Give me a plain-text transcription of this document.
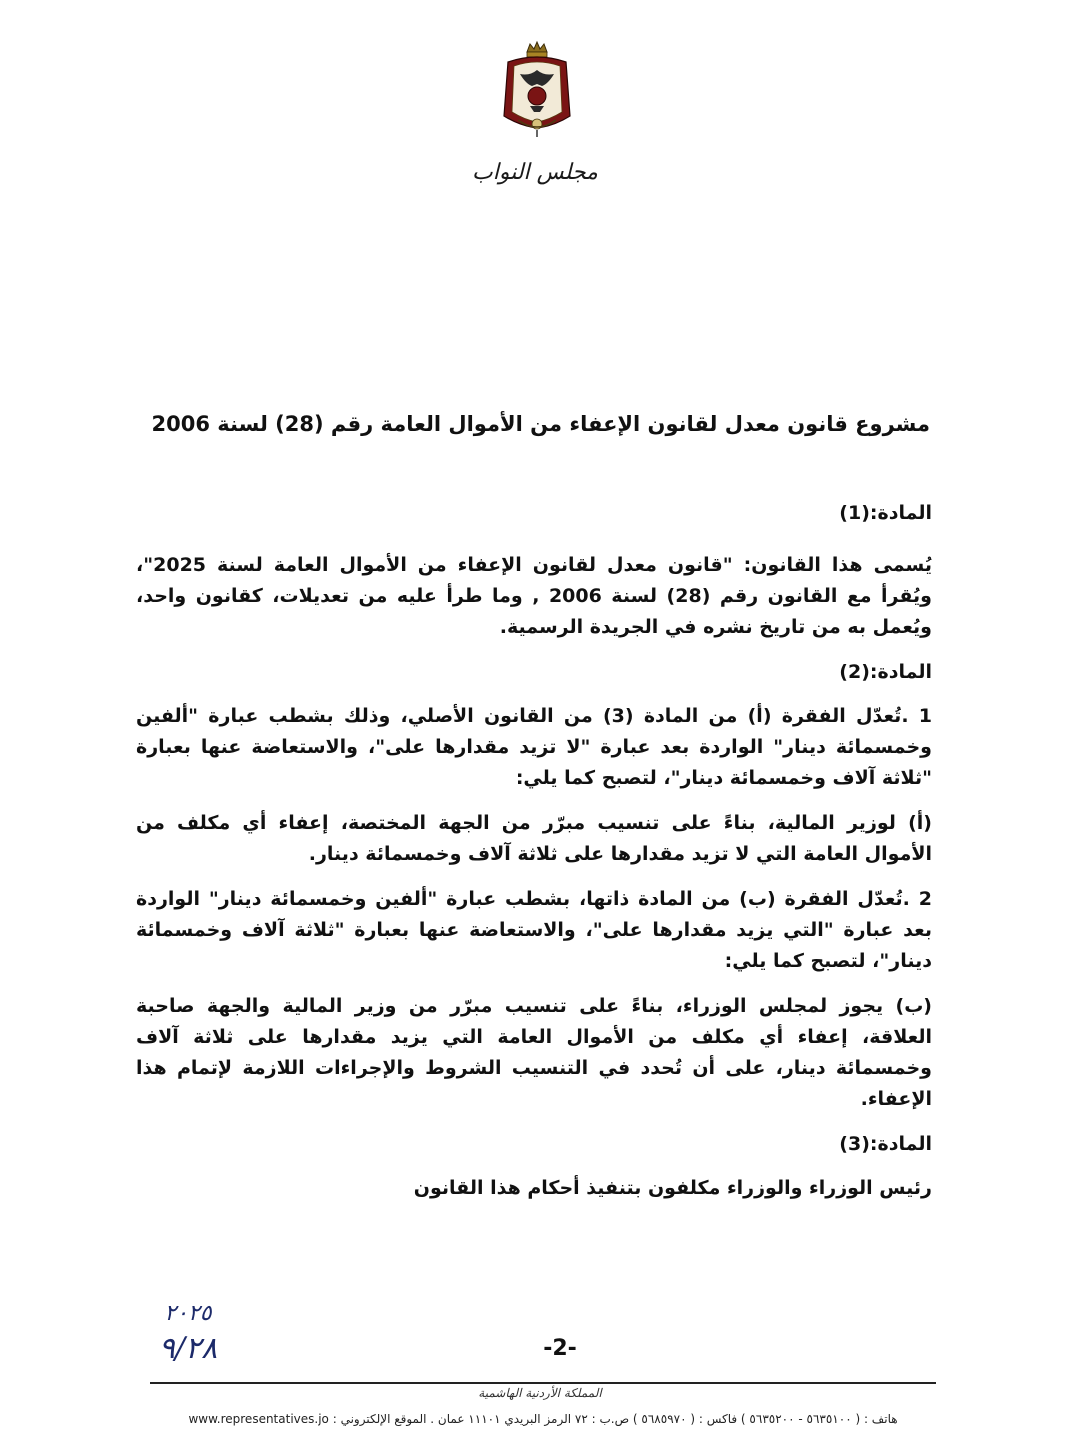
مجلس النواب
مشروع قانون معدل لقانون الإعفاء من الأموال العامة رقم (28) لسنة 2006
المادة:(1)
يُسمى هذا القانون: "قانون معدل لقانون الإعفاء من الأموال العامة لسنة 2025"، ويُقرأ مع القانون رقم (28) لسنة 2006 , وما طرأ عليه من تعديلات، كقانون واحد، ويُعمل به من تاريخ نشره في الجريدة الرسمية.
المادة:(2)
1 .تُعدّل الفقرة (أ) من المادة (3) من القانون الأصلي، وذلك بشطب عبارة "ألفين وخمسمائة دينار" الواردة بعد عبارة "لا تزيد مقدارها على"، والاستعاضة عنها بعبارة "ثلاثة آلاف وخمسمائة دينار"، لتصبح كما يلي:
(أ) لوزير المالية، بناءً على تنسيب مبرّر من الجهة المختصة، إعفاء أي مكلف من الأموال العامة التي لا تزيد مقدارها على ثلاثة آلاف وخمسمائة دينار.
2 .تُعدّل الفقرة (ب) من المادة ذاتها، بشطب عبارة "ألفين وخمسمائة دينار" الواردة بعد عبارة "التي يزيد مقدارها على"، والاستعاضة عنها بعبارة "ثلاثة آلاف وخمسمائة دينار"، لتصبح كما يلي:
(ب) يجوز لمجلس الوزراء، بناءً على تنسيب مبرّر من وزير المالية والجهة صاحبة العلاقة، إعفاء أي مكلف من الأموال العامة التي يزيد مقدارها على ثلاثة آلاف وخمسمائة دينار، على أن تُحدد في التنسيب الشروط والإجراءات اللازمة لإتمام هذا الإعفاء.
المادة:(3)
رئيس الوزراء والوزراء مكلفون بتنفيذ أحكام هذا القانون
٢٠٢٥
٩/٢٨	-2-
المملكة الأردنية الهاشمية
هاتف : ( ٥٦٣٥١٠٠ - ٥٦٣٥٢٠٠ ) فاكس : ( ٥٦٨٥٩٧٠ ) ص.ب : ٧٢ الرمز البريدي ١١١٠١ عمان . الموقع الإلكتروني : www.representatives.jo
